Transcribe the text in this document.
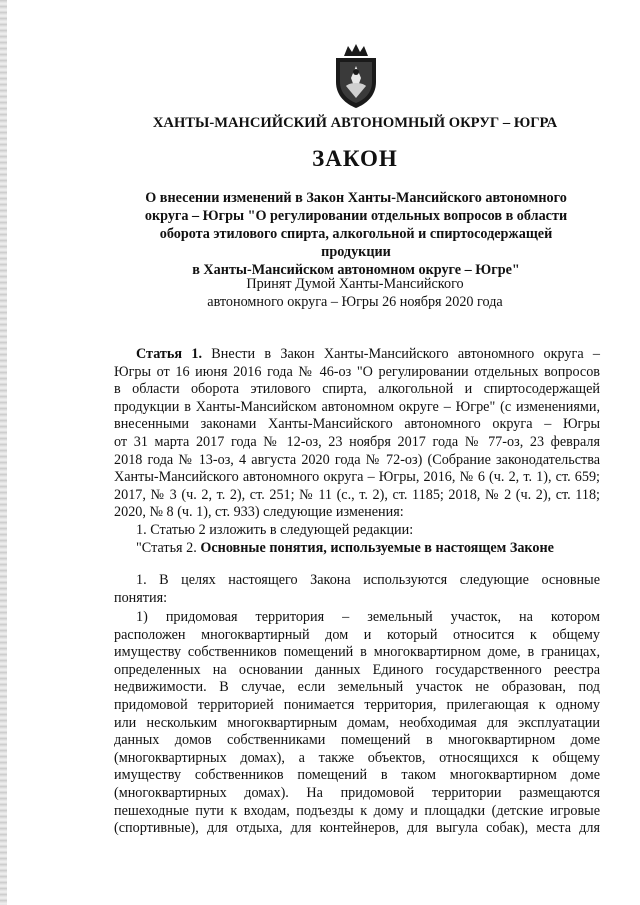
ХАНТЫ-МАНСИЙСКИЙ АВТОНОМНЫЙ ОКРУГ – ЮГРА
ЗАКОН
О внесении изменений в Закон Ханты-Мансийского автономного
округа – Югры "О регулировании отдельных вопросов в области
оборота этилового спирта, алкогольной и спиртосодержащей продукции
в Ханты-Мансийском автономном округе – Югре"
Принят Думой Ханты-Мансийского
автономного округа – Югры 26 ноября 2020 года
Статья 1. Внести в Закон Ханты-Мансийского автономного округа –
Югры от 16 июня 2016 года № 46-оз "О регулировании отдельных вопросов
в области оборота этилового спирта, алкогольной и спиртосодержащей
продукции в Ханты-Мансийском автономном округе – Югре" (с изменениями,
внесенными законами Ханты-Мансийского автономного округа – Югры
от 31 марта 2017 года № 12-оз, 23 ноября 2017 года № 77-оз, 23 февраля
2018 года № 13-оз, 4 августа 2020 года № 72-оз) (Собрание законодательства
Ханты-Мансийского автономного округа – Югры, 2016, № 6 (ч. 2, т. 1), ст. 659;
2017, № 3 (ч. 2, т. 2), ст. 251; № 11 (с., т. 2), ст. 1185; 2018, № 2 (ч. 2), ст. 118;
2020, № 8 (ч. 1), ст. 933) следующие изменения:
1. Статью 2 изложить в следующей редакции:
"Статья 2. Основные понятия, используемые в настоящем Законе
1. В целях настоящего Закона используются следующие основные
понятия:
1) придомовая территория – земельный участок, на котором
расположен многоквартирный дом и который относится к общему
имуществу собственников помещений в многоквартирном доме, в границах,
определенных на основании данных Единого государственного реестра
недвижимости. В случае, если земельный участок не образован, под
придомовой территорией понимается территория, прилегающая к одному
или нескольким многоквартирным домам, необходимая для эксплуатации
данных домов собственниками помещений в многоквартирном доме
(многоквартирных домах), а также объектов, относящихся к общему
имуществу собственников помещений в таком многоквартирном доме
(многоквартирных домах). На придомовой территории размещаются
пешеходные пути к входам, подъезды к дому и площадки (детские игровые
(спортивные), для отдыха, для контейнеров, для выгула собак), места для
